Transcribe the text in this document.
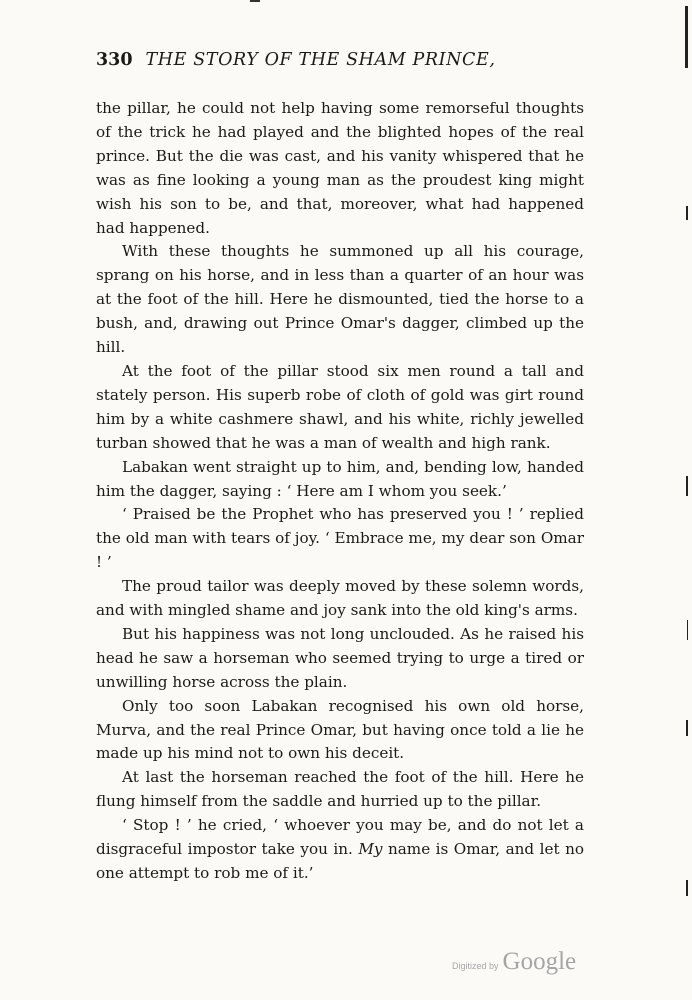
330 THE STORY OF THE SHAM PRINCE,

the pillar, he could not help having some remorseful thoughts of the trick he had played and the blighted hopes of the real prince. But the die was cast, and his vanity whispered that he was as fine looking a young man as the proudest king might wish his son to be, and that, moreover, what had happened had happened.

With these thoughts he summoned up all his courage, sprang on his horse, and in less than a quarter of an hour was at the foot of the hill. Here he dismounted, tied the horse to a bush, and, drawing out Prince Omar's dagger, climbed up the hill.

At the foot of the pillar stood six men round a tall and stately person. His superb robe of cloth of gold was girt round him by a white cashmere shawl, and his white, richly jewelled turban showed that he was a man of wealth and high rank.

Labakan went straight up to him, and, bending low, handed him the dagger, saying : ‘ Here am I whom you seek.’

‘ Praised be the Prophet who has preserved you ! ’ replied the old man with tears of joy. ‘ Embrace me, my dear son Omar ! ’

The proud tailor was deeply moved by these solemn words, and with mingled shame and joy sank into the old king's arms.

But his happiness was not long unclouded. As he raised his head he saw a horseman who seemed trying to urge a tired or unwilling horse across the plain.

Only too soon Labakan recognised his own old horse, Murva, and the real Prince Omar, but having once told a lie he made up his mind not to own his deceit.

At last the horseman reached the foot of the hill. Here he flung himself from the saddle and hurried up to the pillar.

‘ Stop ! ’ he cried, ‘ whoever you may be, and do not let a disgraceful impostor take you in. My name is Omar, and let no one attempt to rob me of it.’

Digitized by Google
